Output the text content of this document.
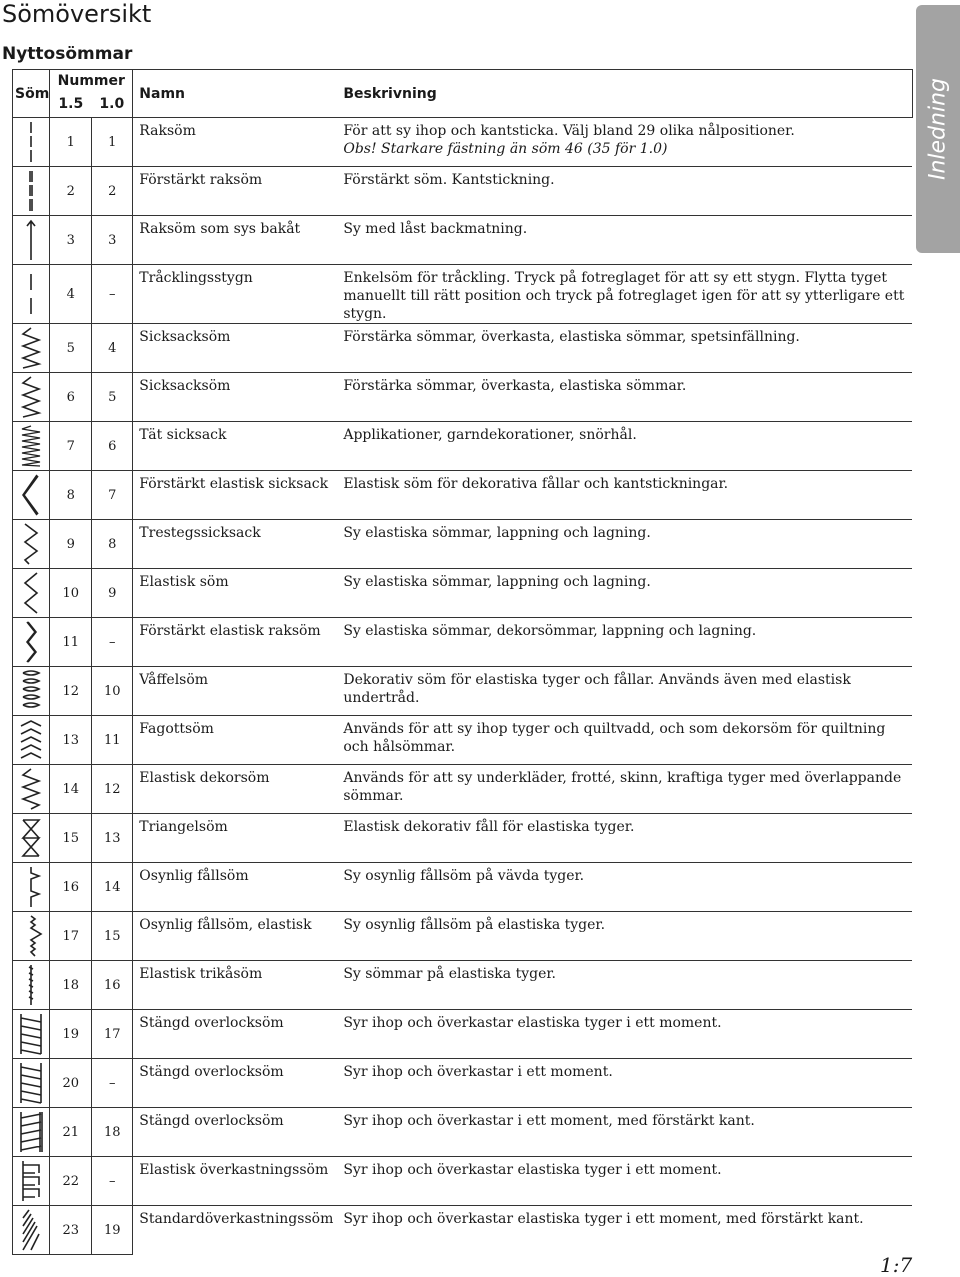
Sömöversikt
Nyttosömmar
Inledning
Söm	Nummer		Namn	Beskrivning

	1.5 1.0			

	1	1	Raksöm	För att sy ihop och kantsticka. Välj bland 29 olika nålpositioner.
Obs! Starkare fästning än söm 46 (35 för 1.0)

	2	2	Förstärkt raksöm	Förstärkt söm. Kantstickning.

	3	3	Raksöm som sys bakåt	Sy med låst backmatning.

	4	–	Tråcklingsstygn	Enkelsöm för tråckling. Tryck på fotreglaget för att sy ett stygn. Flytta tyget manuellt till rätt position och tryck på fotreglaget igen för att sy ytterligare ett stygn.

	5	4	Sicksacksöm	Förstärka sömmar, överkasta, elastiska sömmar, spetsinfällning.

	6	5	Sicksacksöm	Förstärka sömmar, överkasta, elastiska sömmar.

	7	6	Tät sicksack	Applikationer, garndekorationer, snörhål.

	8	7	Förstärkt elastisk sicksack	Elastisk söm för dekorativa fållar och kantstickningar.

	9	8	Trestegssicksack	Sy elastiska sömmar, lappning och lagning.

	10	9	Elastisk söm	Sy elastiska sömmar, lappning och lagning.

	11	–	Förstärkt elastisk raksöm	Sy elastiska sömmar, dekorsömmar, lappning och lagning.

	12	10	Våffelsöm	Dekorativ söm för elastiska tyger och fållar. Används även med elastisk undertråd.

	13	11	Fagottsöm	Används för att sy ihop tyger och quiltvadd, och som dekorsöm för quiltning och hålsömmar.

	14	12	Elastisk dekorsöm	Används för att sy underkläder, frotté, skinn, kraftiga tyger med överlappande sömmar.

	15	13	Triangelsöm	Elastisk dekorativ fåll för elastiska tyger.

	16	14	Osynlig fållsöm	Sy osynlig fållsöm på vävda tyger.

	17	15	Osynlig fållsöm, elastisk	Sy osynlig fållsöm på elastiska tyger.

	18	16	Elastisk trikåsöm	Sy sömmar på elastiska tyger.

	19	17	Stängd overlocksöm	Syr ihop och överkastar elastiska tyger i ett moment.

	20	–	Stängd overlocksöm	Syr ihop och överkastar i ett moment.

	21	18	Stängd overlocksöm	Syr ihop och överkastar i ett moment, med förstärkt kant.

	22	–	Elastisk överkastningssöm	Syr ihop och överkastar elastiska tyger i ett moment.

	23	19	Standardöverkastningssöm	Syr ihop och överkastar elastiska tyger i ett moment, med förstärkt kant.
1:7
